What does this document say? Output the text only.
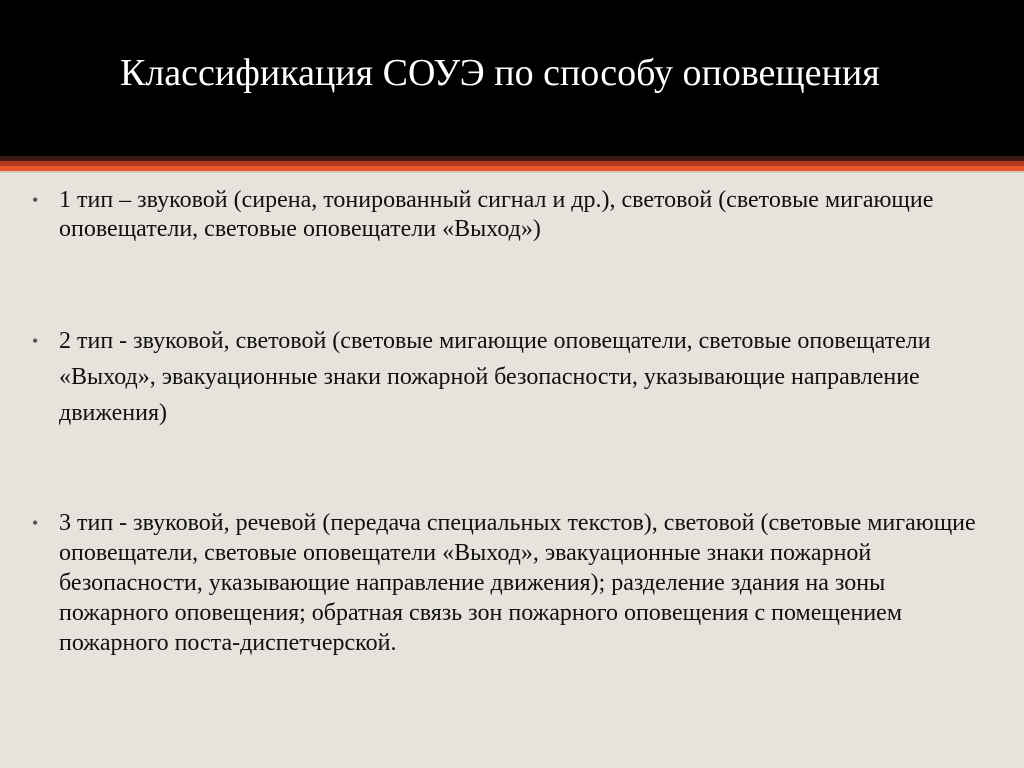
Классификация СОУЭ по способу оповещения
• 1 тип – звуковой (сирена, тонированный сигнал и др.), световой (световые мигающие оповещатели, световые оповещатели «Выход»)

• 2 тип - звуковой, световой (световые мигающие оповещатели, световые оповещатели «Выход», эвакуационные знаки пожарной безопасности, указывающие направление движения)

• 3 тип - звуковой, речевой (передача специальных текстов), световой (световые мигающие оповещатели, световые оповещатели «Выход», эвакуационные знаки пожарной безопасности, указывающие направление движения); разделение здания на зоны пожарного оповещения; обратная связь зон пожарного оповещения с помещением пожарного поста-диспетчерской.
